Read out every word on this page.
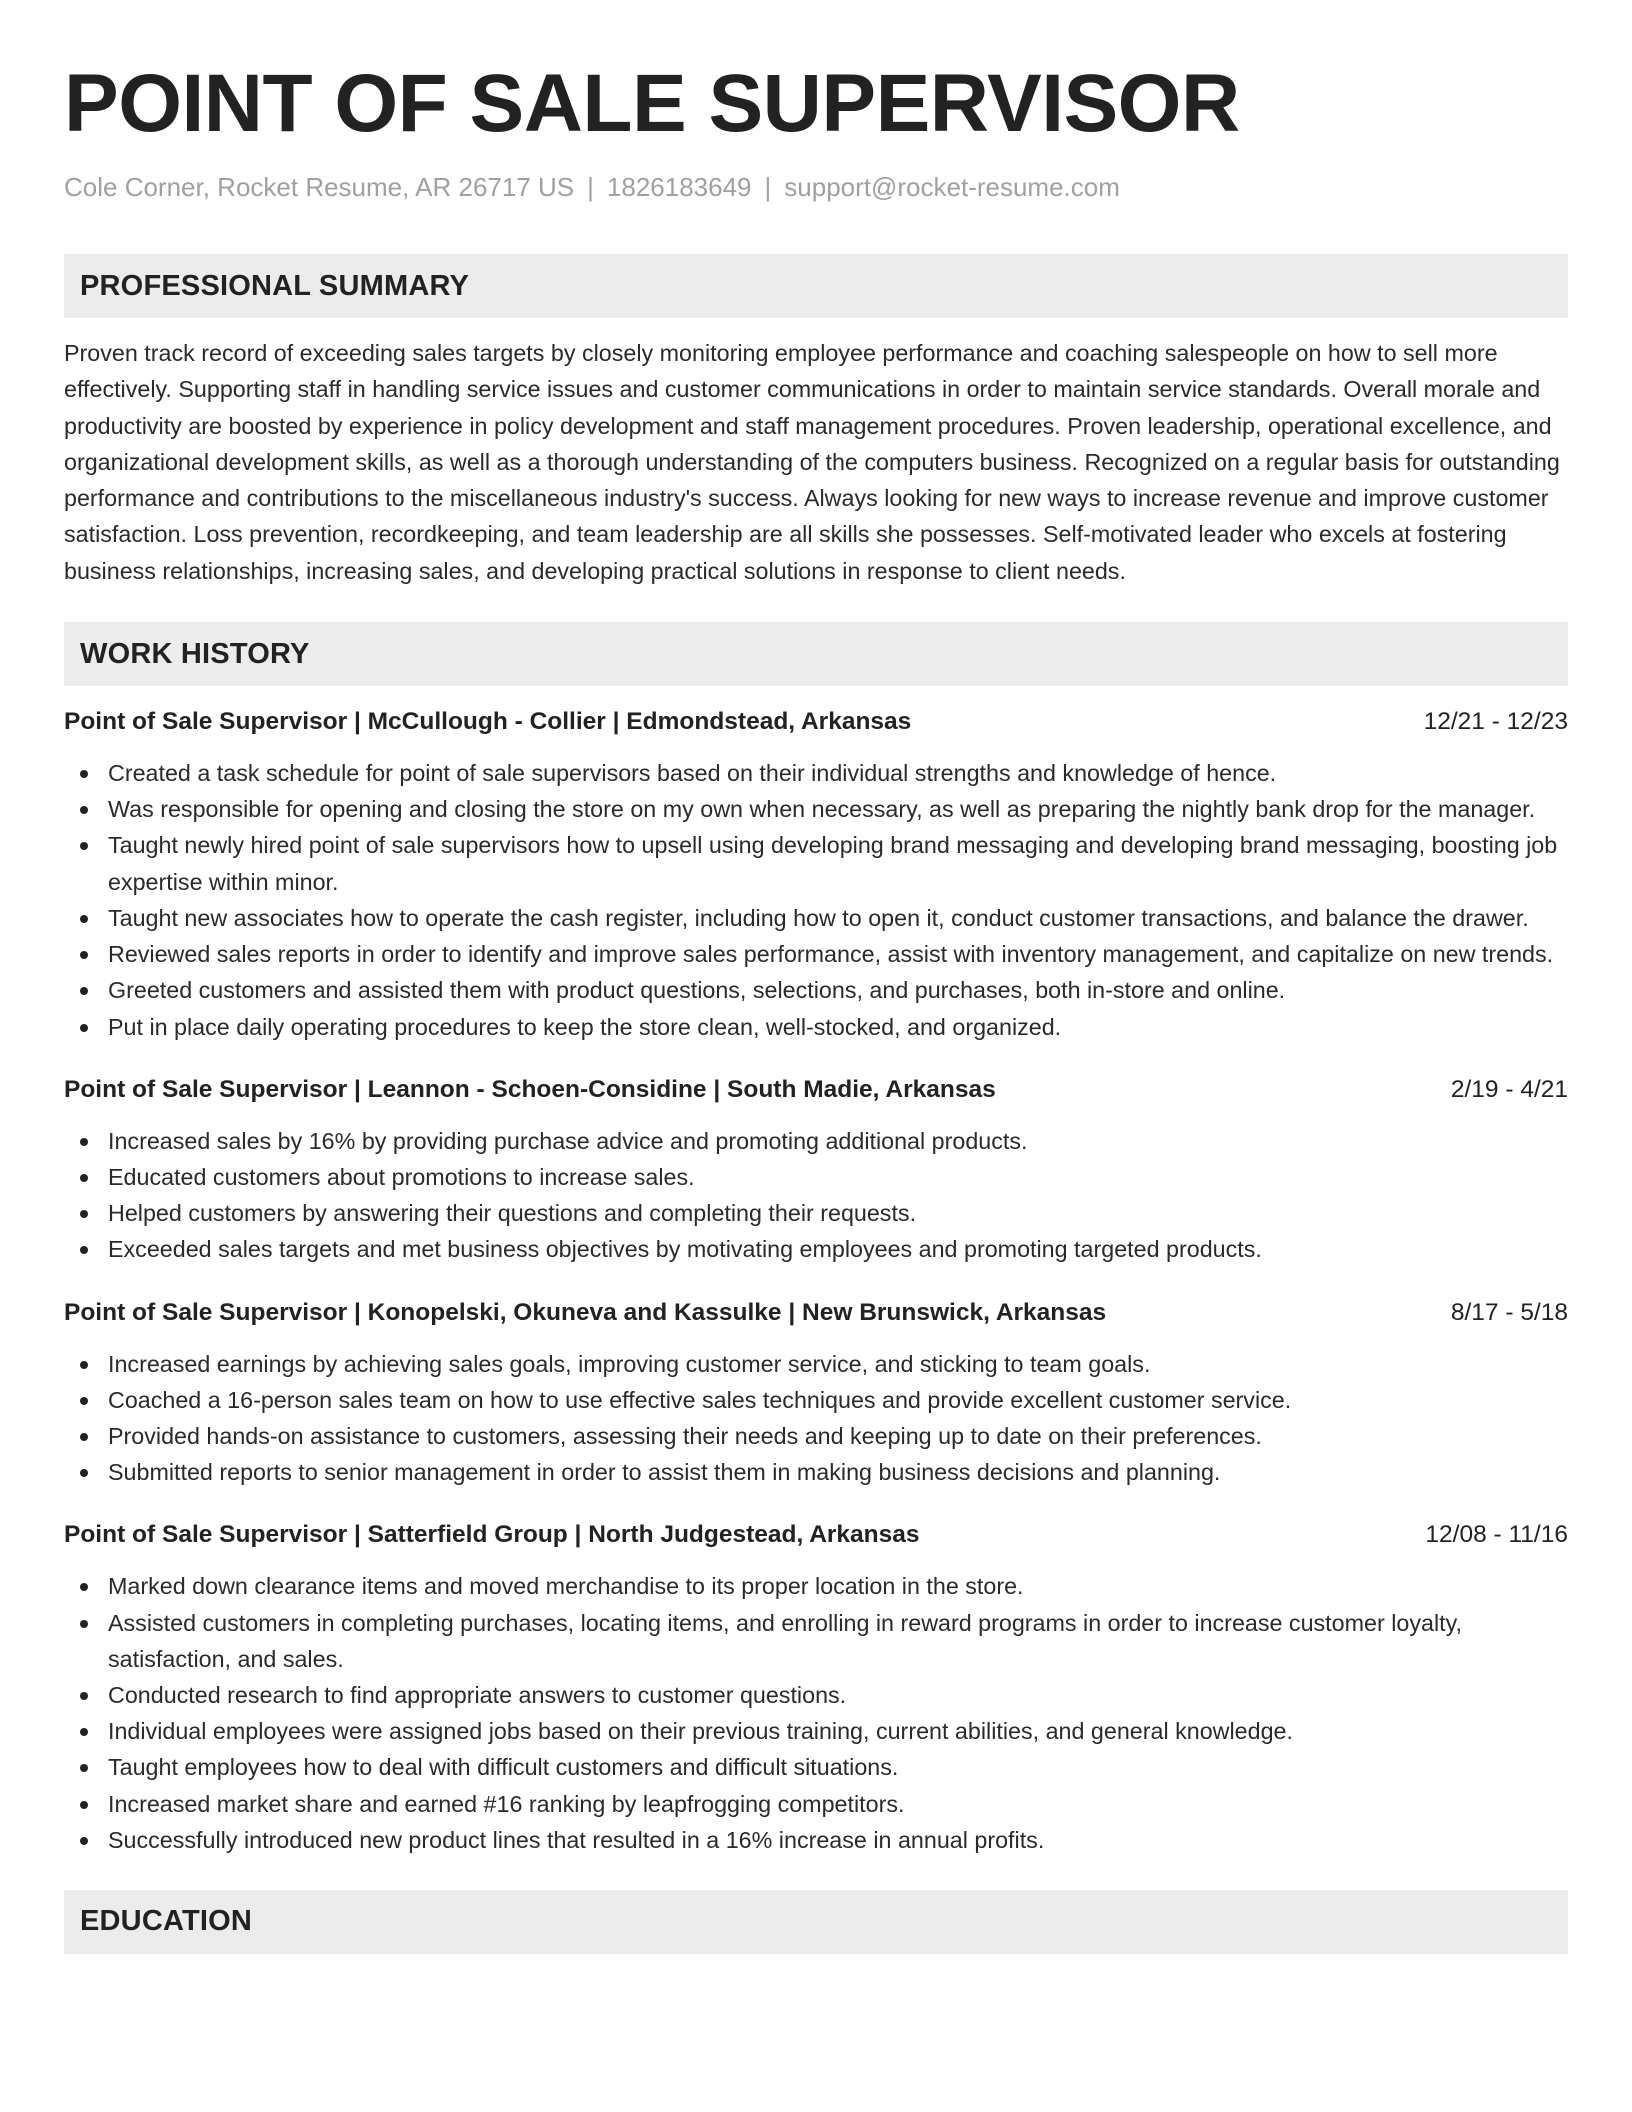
POINT OF SALE SUPERVISOR
Cole Corner, Rocket Resume, AR 26717 US | 1826183649 | support@rocket-resume.com
PROFESSIONAL SUMMARY
Proven track record of exceeding sales targets by closely monitoring employee performance and coaching salespeople on how to sell more effectively. Supporting staff in handling service issues and customer communications in order to maintain service standards. Overall morale and productivity are boosted by experience in policy development and staff management procedures. Proven leadership, operational excellence, and organizational development skills, as well as a thorough understanding of the computers business. Recognized on a regular basis for outstanding performance and contributions to the miscellaneous industry's success. Always looking for new ways to increase revenue and improve customer satisfaction. Loss prevention, recordkeeping, and team leadership are all skills she possesses. Self-motivated leader who excels at fostering business relationships, increasing sales, and developing practical solutions in response to client needs.
WORK HISTORY
Point of Sale Supervisor | McCullough - Collier | Edmondstead, Arkansas	12/21 - 12/23
Created a task schedule for point of sale supervisors based on their individual strengths and knowledge of hence.
Was responsible for opening and closing the store on my own when necessary, as well as preparing the nightly bank drop for the manager.
Taught newly hired point of sale supervisors how to upsell using developing brand messaging and developing brand messaging, boosting job expertise within minor.
Taught new associates how to operate the cash register, including how to open it, conduct customer transactions, and balance the drawer.
Reviewed sales reports in order to identify and improve sales performance, assist with inventory management, and capitalize on new trends.
Greeted customers and assisted them with product questions, selections, and purchases, both in-store and online.
Put in place daily operating procedures to keep the store clean, well-stocked, and organized.
Point of Sale Supervisor | Leannon - Schoen-Considine | South Madie, Arkansas	2/19 - 4/21
Increased sales by 16% by providing purchase advice and promoting additional products.
Educated customers about promotions to increase sales.
Helped customers by answering their questions and completing their requests.
Exceeded sales targets and met business objectives by motivating employees and promoting targeted products.
Point of Sale Supervisor | Konopelski, Okuneva and Kassulke | New Brunswick, Arkansas	8/17 - 5/18
Increased earnings by achieving sales goals, improving customer service, and sticking to team goals.
Coached a 16-person sales team on how to use effective sales techniques and provide excellent customer service.
Provided hands-on assistance to customers, assessing their needs and keeping up to date on their preferences.
Submitted reports to senior management in order to assist them in making business decisions and planning.
Point of Sale Supervisor | Satterfield Group | North Judgestead, Arkansas	12/08 - 11/16
Marked down clearance items and moved merchandise to its proper location in the store.
Assisted customers in completing purchases, locating items, and enrolling in reward programs in order to increase customer loyalty, satisfaction, and sales.
Conducted research to find appropriate answers to customer questions.
Individual employees were assigned jobs based on their previous training, current abilities, and general knowledge.
Taught employees how to deal with difficult customers and difficult situations.
Increased market share and earned #16 ranking by leapfrogging competitors.
Successfully introduced new product lines that resulted in a 16% increase in annual profits.
EDUCATION
